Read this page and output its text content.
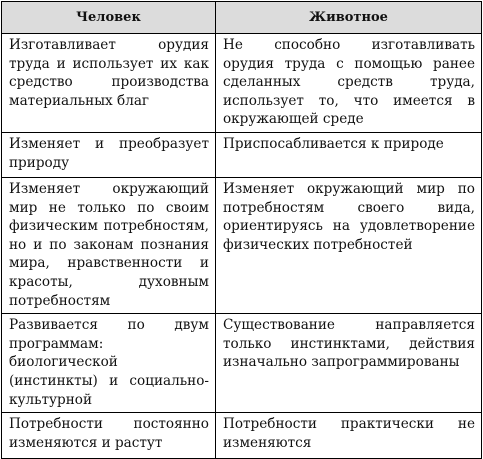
Человек	Животное
Изготавливает орудия труда и использует их как средство производства материальных благ	Не способно изготавливать орудия труда с помощью ранее сделанных средств труда, использует то, что имеется в окружающей среде
Изменяет и преобразует природу	Приспосабливается к природе
Изменяет окружающий мир не только по своим физическим потребностям, но и по законам познания мира, нравственности и красоты, духовным потребностям	Изменяет окружающий мир по потребностям своего вида, ориентируясь на удовлетворение физических потребностей
Развивается по двум программам: биологической (инстинкты) и социально-культурной	Существование направляется только инстинктами, действия изначально запрограммированы
Потребности постоянно изменяются и растут	Потребности практически не изменяются
